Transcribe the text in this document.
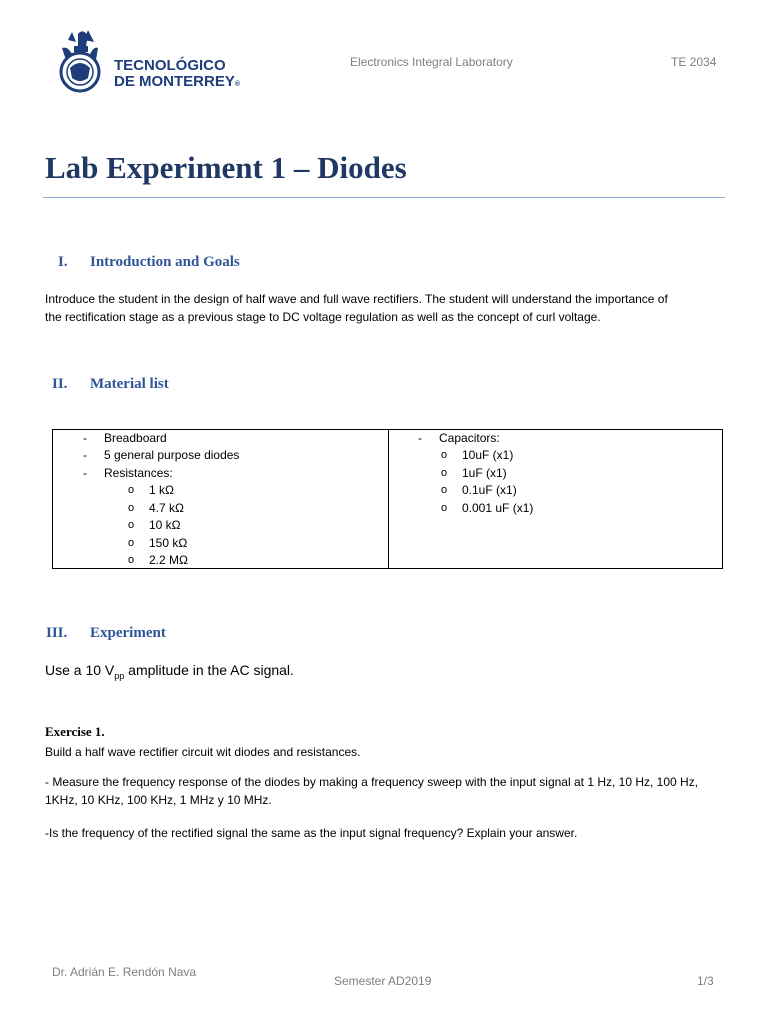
TECNOLÓGICO
DE MONTERREY®
Electronics Integral Laboratory	TE 2034
Lab Experiment 1 – Diodes
I. Introduction and Goals
Introduce the student in the design of half wave and full wave rectifiers. The student will understand the importance of
the rectification stage as a previous stage to DC voltage regulation as well as the concept of curl voltage.
II. Material list
- Breadboard
- 5 general purpose diodes
- Resistances:
o 1 kΩ
o 4.7 kΩ
o 10 kΩ
o 150 kΩ
o 2.2 MΩ
- Capacitors:
o 10uF (x1)
o 1uF (x1)
o 0.1uF (x1)
o 0.001 uF (x1)
III. Experiment
Use a 10 $V_{pp}$ amplitude in the AC signal.
Exercise 1.
Build a half wave rectifier circuit wit diodes and resistances.
- Measure the frequency response of the diodes by making a frequency sweep with the input signal at 1 Hz, 10 Hz, 100 Hz,
1KHz, 10 KHz, 100 KHz, 1 MHz y 10 MHz.
-Is the frequency of the rectified signal the same as the input signal frequency? Explain your answer.
Dr. Adrián E. Rendón Nava
Semester AD2019	1/3
